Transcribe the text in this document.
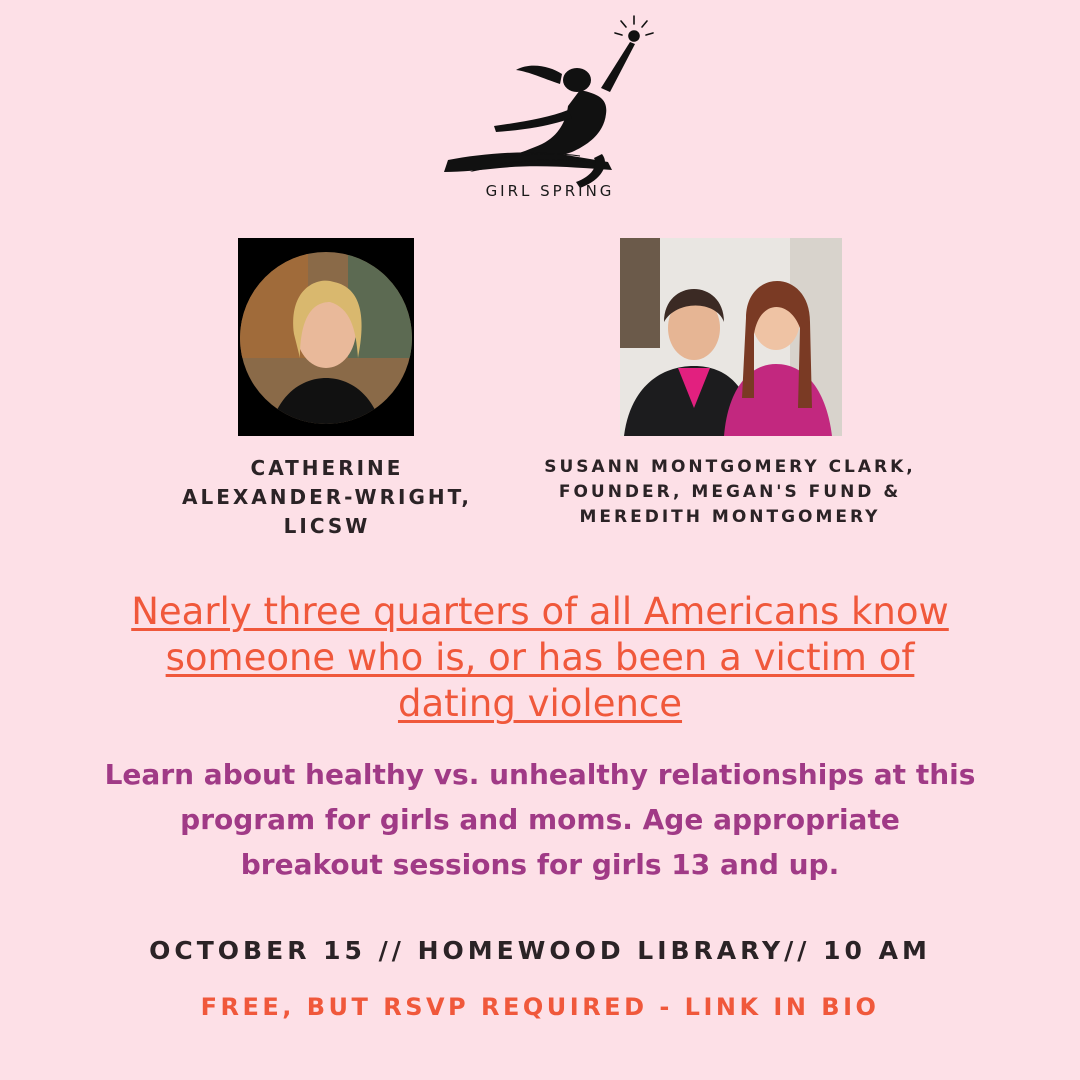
GIRL SPRING
CATHERINE
ALEXANDER-WRIGHT,
LICSW
SUSANN MONTGOMERY CLARK,
FOUNDER, MEGAN'S FUND &
MEREDITH MONTGOMERY
Nearly three quarters of all Americans know
someone who is, or has been a victim of
dating violence
Learn about healthy vs. unhealthy relationships at this
program for girls and moms. Age appropriate
breakout sessions for girls 13 and up.
OCTOBER 15 // HOMEWOOD LIBRARY// 10 AM
FREE, BUT RSVP REQUIRED - LINK IN BIO
